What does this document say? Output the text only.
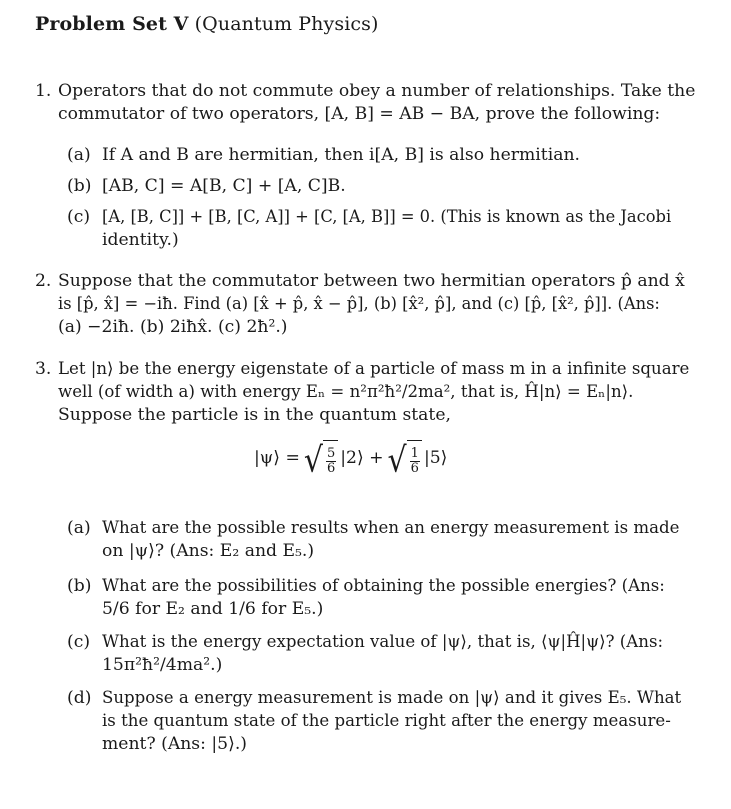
Problem Set V (Quantum Physics)
1. Operators that do not commute obey a number of relationships. Take the
commutator of two operators, [A, B] = AB − BA, prove the following:
(a) If A and B are hermitian, then i[A, B] is also hermitian.
(b) [AB, C] = A[B, C] + [A, C]B.
(c) [A, [B, C]] + [B, [C, A]] + [C, [A, B]] = 0. (This is known as the Jacobi
identity.)
2. Suppose that the commutator between two hermitian operators p̂ and x̂
is [p̂, x̂] = −iħ. Find (a) [x̂ + p̂, x̂ − p̂], (b) [x̂², p̂], and (c) [p̂, [x̂², p̂]]. (Ans:
(a) −2iħ. (b) 2iħx̂. (c) 2ħ².)
3. Let |n⟩ be the energy eigenstate of a particle of mass m in a infinite square
well (of width a) with energy Eₙ = n²π²ħ²/2ma², that is, Ĥ|n⟩ = Eₙ|n⟩.
Suppose the particle is in the quantum state,
|ψ⟩ = √ $\frac{5}{6}$ |2⟩ + √ $\frac{1}{6}$ |5⟩
(a) What are the possible results when an energy measurement is made
on |ψ⟩? (Ans: E₂ and E₅.)
(b) What are the possibilities of obtaining the possible energies? (Ans:
5/6 for E₂ and 1/6 for E₅.)
(c) What is the energy expectation value of |ψ⟩, that is, ⟨ψ|Ĥ|ψ⟩? (Ans:
15π²ħ²/4ma².)
(d) Suppose a energy measurement is made on |ψ⟩ and it gives E₅. What
is the quantum state of the particle right after the energy measure-
ment? (Ans: |5⟩.)
